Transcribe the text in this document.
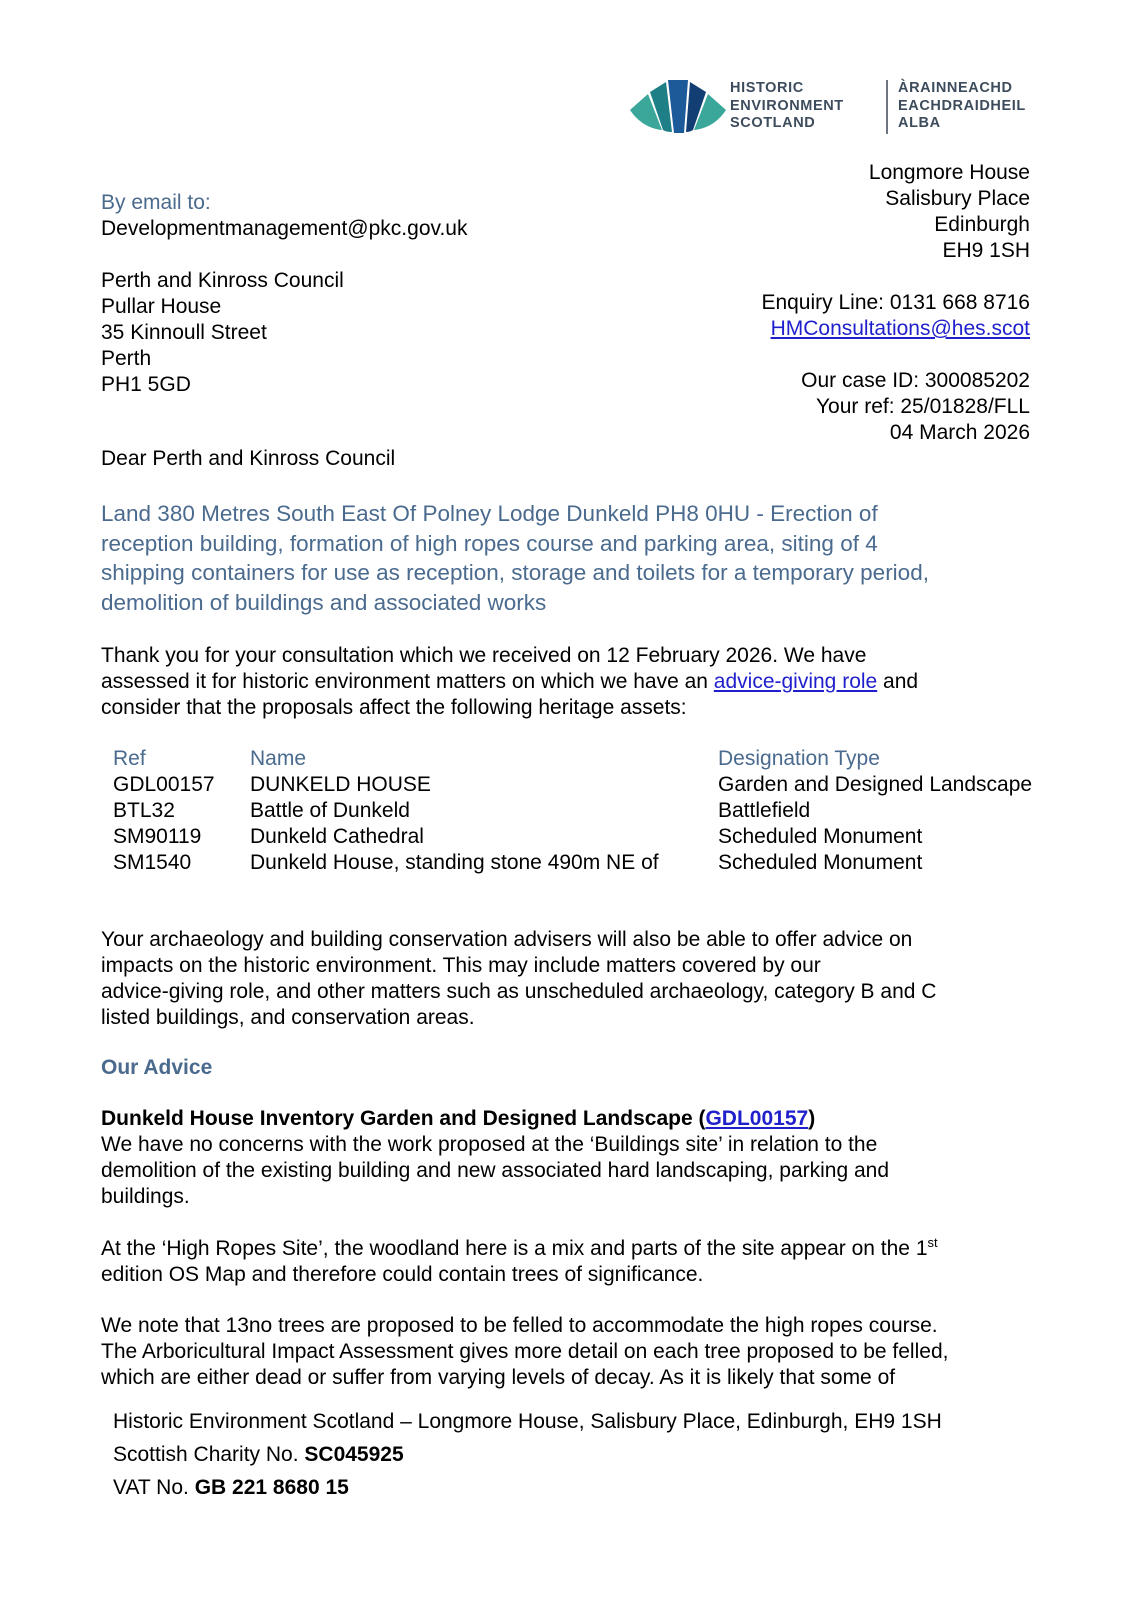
HISTORIC
ENVIRONMENT
SCOTLAND
ÀRAINNEACHD
EACHDRAIDHEIL
ALBA
Longmore House
Salisbury Place
Edinburgh
EH9 1SH
Enquiry Line: 0131 668 8716
HMConsultations@hes.scot
Our case ID: 300085202
Your ref: 25/01828/FLL
04 March 2026
By email to:
Developmentmanagement@pkc.gov.uk
Perth and Kinross Council
Pullar House
35 Kinnoull Street
Perth
PH1 5GD
Dear Perth and Kinross Council
Land 380 Metres South East Of Polney Lodge Dunkeld PH8 0HU - Erection of
reception building, formation of high ropes course and parking area, siting of 4
shipping containers for use as reception, storage and toilets for a temporary period,
demolition of buildings and associated works
Thank you for your consultation which we received on 12 February 2026. We have
assessed it for historic environment matters on which we have an advice-giving role and
consider that the proposals affect the following heritage assets:
Ref	Name	Designation Type
GDL00157	DUNKELD HOUSE	Garden and Designed Landscape
BTL32	Battle of Dunkeld	Battlefield
SM90119	Dunkeld Cathedral	Scheduled Monument
SM1540	Dunkeld House, standing stone 490m NE of	Scheduled Monument
Your archaeology and building conservation advisers will also be able to offer advice on
impacts on the historic environment. This may include matters covered by our
advice-giving role, and other matters such as unscheduled archaeology, category B and C
listed buildings, and conservation areas.
Our Advice
Dunkeld House Inventory Garden and Designed Landscape (GDL00157)
We have no concerns with the work proposed at the ‘Buildings site’ in relation to the
demolition of the existing building and new associated hard landscaping, parking and
buildings.
At the ‘High Ropes Site’, the woodland here is a mix and parts of the site appear on the 1st
edition OS Map and therefore could contain trees of significance.
We note that 13no trees are proposed to be felled to accommodate the high ropes course.
The Arboricultural Impact Assessment gives more detail on each tree proposed to be felled,
which are either dead or suffer from varying levels of decay. As it is likely that some of
Historic Environment Scotland – Longmore House, Salisbury Place, Edinburgh, EH9 1SH
Scottish Charity No. SC045925
VAT No. GB 221 8680 15
